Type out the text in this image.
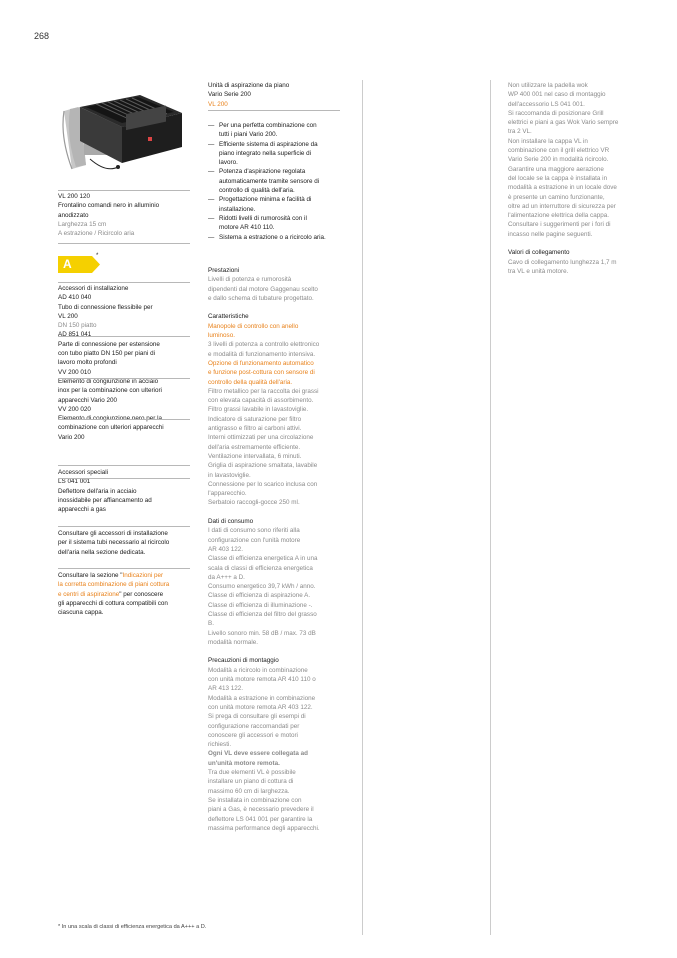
268

VL 200 120

Frontalino comandi nero in alluminio

anodizzato

Larghezza 15 cm

A estrazione / Ricircolo aria

A
*

Accessori di installazione

AD 410 040

Tubo di connessione flessibile per

VL 200

DN 150 piatto

AD 851 041

Parte di connessione per estensione

con tubo piatto DN 150 per piani di

lavoro molto profondi

VV 200 010

Elemento di congiunzione in acciaio

inox per la combinazione con ulteriori

apparecchi Vario 200

VV 200 020

Elemento di congiunzione nero per la

combinazione con ulteriori apparecchi

Vario 200

Accessori speciali

LS 041 001

Deflettore dell'aria in acciaio

inossidabile per affiancamento ad

apparecchi a gas

Consultare gli accessori di installazione

per il sistema tubi necessario al ricircolo

dell'aria nella sezione dedicata.

Consultare la sezione "Indicazioni per

la corretta combinazione di piani cottura

e centri di aspirazione" per conoscere

gli apparecchi di cottura compatibili con

ciascuna cappa.

Unità di aspirazione da piano

Vario Serie 200

VL 200

— Per una perfetta combinazione con

tutti i piani Vario 200.

— Efficiente sistema di aspirazione da

piano integrato nella superficie di

lavoro.

— Potenza d'aspirazione regolata

automaticamente tramite sensore di

controllo di qualità dell'aria.

— Progettazione minima e facilità di

installazione.

— Ridotti livelli di rumorosità con il

motore AR 410 110.

— Sistema a estrazione o a ricircolo aria.

Prestazioni

Livelli di potenza e rumorosità

dipendenti dal motore Gaggenau scelto

e dallo schema di tubature progettato.

Caratteristiche

Manopole di controllo con anello

luminoso.

3 livelli di potenza a controllo elettronico

e modalità di funzionamento intensiva.

Opzione di funzionamento automatico

e funzione post-cottura con sensore di

controllo della qualità dell'aria.

Filtro metallico per la raccolta dei grassi

con elevata capacità di assorbimento.

Filtro grassi lavabile in lavastoviglie.

Indicatore di saturazione per filtro

antigrasso e filtro ai carboni attivi.

Interni ottimizzati per una circolazione

dell'aria estremamente efficiente.

Ventilazione intervallata, 6 minuti.

Griglia di aspirazione smaltata, lavabile

in lavastoviglie.

Connessione per lo scarico inclusa con

l'apparecchio.

Serbatoio raccogli-gocce 250 ml.

Dati di consumo

I dati di consumo sono riferiti alla

configurazione con l'unità motore

AR 403 122.

Classe di efficienza energetica A in una

scala di classi di efficienza energetica

da A+++ a D.

Consumo energetico 39,7 kWh / anno.

Classe di efficienza di aspirazione A.

Classe di efficienza di illuminazione -.

Classe di efficienza del filtro del grasso

B.

Livello sonoro min. 58 dB / max. 73 dB

modalità normale.

Precauzioni di montaggio

Modalità a ricircolo in combinazione

con unità motore remota AR 410 110 o

AR 413 122.

Modalità a estrazione in combinazione

con unità motore remota AR 403 122.

Si prega di consultare gli esempi di

configurazione raccomandati per

conoscere gli accessori e motori

richiesti.

Ogni VL deve essere collegata ad

un'unità motore remota.

Tra due elementi VL è possibile

installare un piano di cottura di

massimo 60 cm di larghezza.

Se installata in combinazione con

piani a Gas, è necessario prevedere il

deflettore LS 041 001 per garantire la

massima performance degli apparecchi.

Non utilizzare la padella wok

WP 400 001 nel caso di montaggio

dell'accessorio LS 041 001.

Si raccomanda di posizionare Grill

elettrici e piani a gas Wok Vario sempre

tra 2 VL.

Non installare la cappa VL in

combinazione con il grill elettrico VR

Vario Serie 200 in modalità ricircolo.

Garantire una maggiore aerazione

del locale se la cappa è installata in

modalità a estrazione in un locale dove

è presente un camino funzionante,

oltre ad un interruttore di sicurezza per

l'alimentazione elettrica della cappa.

Consultare i suggerimenti per i fori di

incasso nelle pagine seguenti.

Valori di collegamento

Cavo di collegamento lunghezza 1,7 m

tra VL e unità motore.

* In una scala di classi di efficienza energetica da A+++ a D.
